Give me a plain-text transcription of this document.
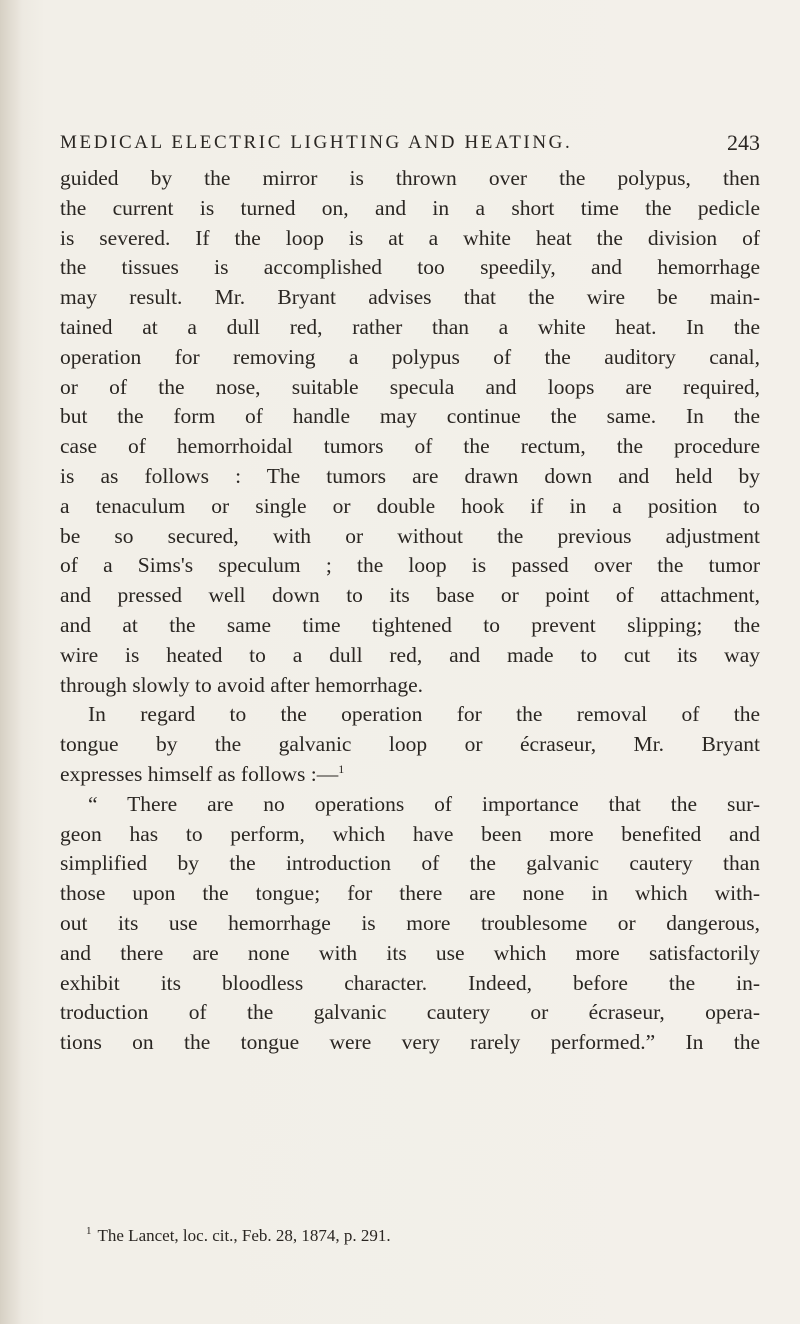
MEDICAL ELECTRIC LIGHTING AND HEATING.	243
guided by the mirror is thrown over the polypus, then
the current is turned on, and in a short time the pedicle
is severed. If the loop is at a white heat the division of
the tissues is accomplished too speedily, and hemorrhage
may result. Mr. Bryant advises that the wire be main-
tained at a dull red, rather than a white heat. In the
operation for removing a polypus of the auditory canal,
or of the nose, suitable specula and loops are required,
but the form of handle may continue the same. In the
case of hemorrhoidal tumors of the rectum, the procedure
is as follows : The tumors are drawn down and held by
a tenaculum or single or double hook if in a position to
be so secured, with or without the previous adjustment
of a Sims's speculum ; the loop is passed over the tumor
and pressed well down to its base or point of attachment,
and at the same time tightened to prevent slipping; the
wire is heated to a dull red, and made to cut its way
through slowly to avoid after hemorrhage.
In regard to the operation for the removal of the
tongue by the galvanic loop or écraseur, Mr. Bryant
expresses himself as follows :—$^1$
“ There are no operations of importance that the sur-
geon has to perform, which have been more benefited and
simplified by the introduction of the galvanic cautery than
those upon the tongue; for there are none in which with-
out its use hemorrhage is more troublesome or dangerous,
and there are none with its use which more satisfactorily
exhibit its bloodless character. Indeed, before the in-
troduction of the galvanic cautery or écraseur, opera-
tions on the tongue were very rarely performed.” In the
$^1$ The Lancet, loc. cit., Feb. 28, 1874, p. 291.
